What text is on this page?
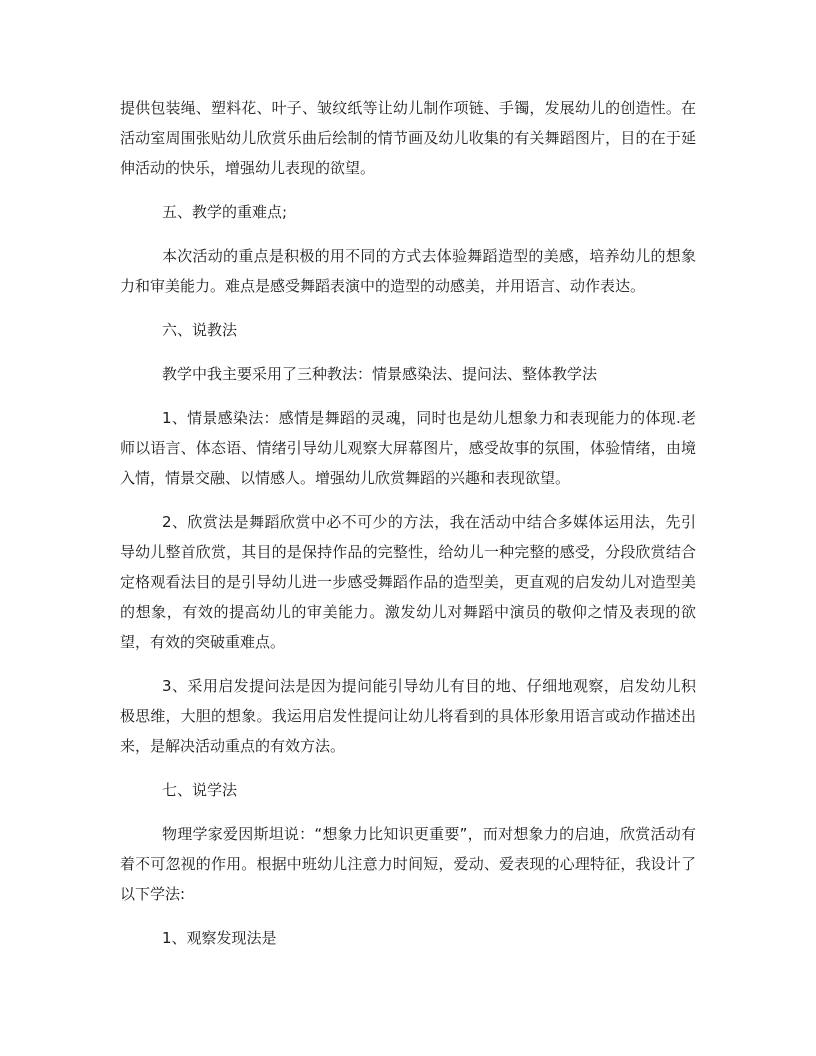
提供包装绳、塑料花、叶子、皱纹纸等让幼儿制作项链、手镯，发展幼儿的创造性。在活动室周围张贴幼儿欣赏乐曲后绘制的情节画及幼儿收集的有关舞蹈图片，目的在于延伸活动的快乐，增强幼儿表现的欲望。

五、教学的重难点;

本次活动的重点是积极的用不同的方式去体验舞蹈造型的美感，培养幼儿的想象力和审美能力。难点是感受舞蹈表演中的造型的动感美，并用语言、动作表达。

六、说教法

教学中我主要采用了三种教法：情景感染法、提问法、整体教学法

1、情景感染法：感情是舞蹈的灵魂，同时也是幼儿想象力和表现能力的体现.老师以语言、体态语、情绪引导幼儿观察大屏幕图片，感受故事的氛围，体验情绪，由境入情，情景交融、以情感人。增强幼儿欣赏舞蹈的兴趣和表现欲望。

2、欣赏法是舞蹈欣赏中必不可少的方法，我在活动中结合多媒体运用法，先引导幼儿整首欣赏，其目的是保持作品的完整性，给幼儿一种完整的感受，分段欣赏结合定格观看法目的是引导幼儿进一步感受舞蹈作品的造型美，更直观的启发幼儿对造型美的想象，有效的提高幼儿的审美能力。激发幼儿对舞蹈中演员的敬仰之情及表现的欲望，有效的突破重难点。

3、采用启发提问法是因为提问能引导幼儿有目的地、仔细地观察，启发幼儿积极思维，大胆的想象。我运用启发性提问让幼儿将看到的具体形象用语言或动作描述出来，是解决活动重点的有效方法。

七、说学法

物理学家爱因斯坦说：“想象力比知识更重要”，而对想象力的启迪，欣赏活动有着不可忽视的作用。根据中班幼儿注意力时间短，爱动、爱表现的心理特征，我设计了以下学法:

1、观察发现法是
